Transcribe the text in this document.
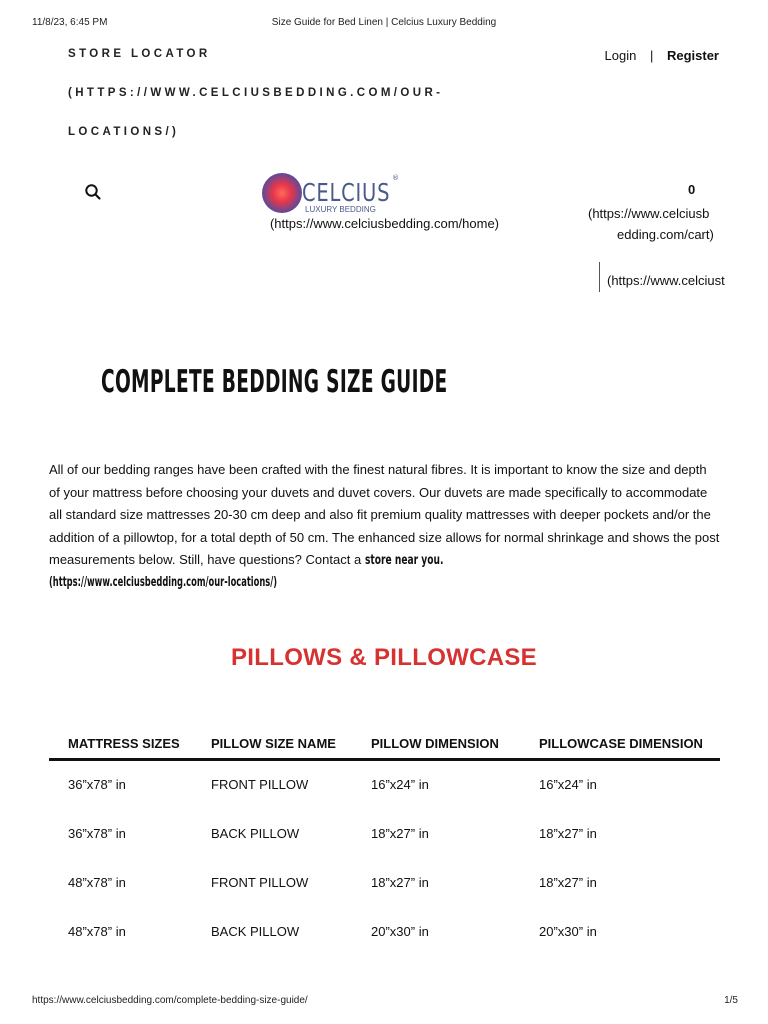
11/8/23, 6:45 PM	Size Guide for Bed Linen | Celcius Luxury Bedding
STORE LOCATOR
(HTTPS://WWW.CELCIUSBEDDING.COM/OUR-
LOCATIONS/)
Login | Register
CELCIUS
®
LUXURY BEDDING
(https://www.celciusbedding.com/home)
0
(https://www.celciusb
edding.com/cart)
(https://www.celciust
COMPLETE BEDDING SIZE GUIDE

All of our bedding ranges have been crafted with the finest natural fibres. It is important to know the size and depth of your mattress before choosing your duvets and duvet covers. Our duvets are made specifically to accommodate all standard size mattresses 20-30 cm deep and also fit premium quality mattresses with deeper pockets and/or the addition of a pillowtop, for a total depth of 50 cm. The enhanced size allows for normal shrinkage and shows the post measurements below. Still, have questions? Contact a store near you.

(https://www.celciusbedding.com/our-locations/)
PILLOWS & PILLOWCASE
MATTRESS SIZES	PILLOW SIZE NAME	PILLOW DIMENSION	PILLOWCASE DIMENSION
36”x78” in	FRONT PILLOW	16”x24” in	16”x24” in
36”x78” in	BACK PILLOW	18”x27” in	18”x27” in
48”x78” in	FRONT PILLOW	18”x27” in	18”x27” in
48”x78” in	BACK PILLOW	20”x30” in	20”x30” in
https://www.celciusbedding.com/complete-bedding-size-guide/	1/5
